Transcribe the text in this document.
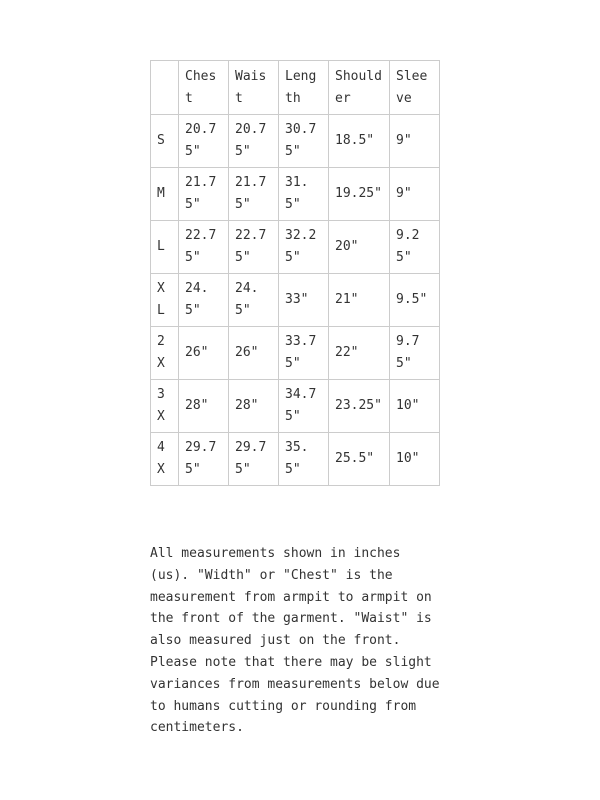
	Chest	Waist	Length	Shoulder	Sleeve
S	20.75"	20.75"	30.75"	18.5"	9"
M	21.75"	21.75"	31.5"	19.25"	9"
L	22.75"	22.75"	32.25"	20"	9.25"
XL	24.5"	24.5"	33"	21"	9.5"
2X	26"	26"	33.75"	22"	9.75"
3X	28"	28"	34.75"	23.25"	10"
4X	29.75"	29.75"	35.5"	25.5"	10"

All measurements shown in inches (us). "Width" or "Chest" is the measurement from armpit to armpit on the front of the garment. "Waist" is also measured just on the front. Please note that there may be slight variances from measurements below due to humans cutting or rounding from centimeters.
